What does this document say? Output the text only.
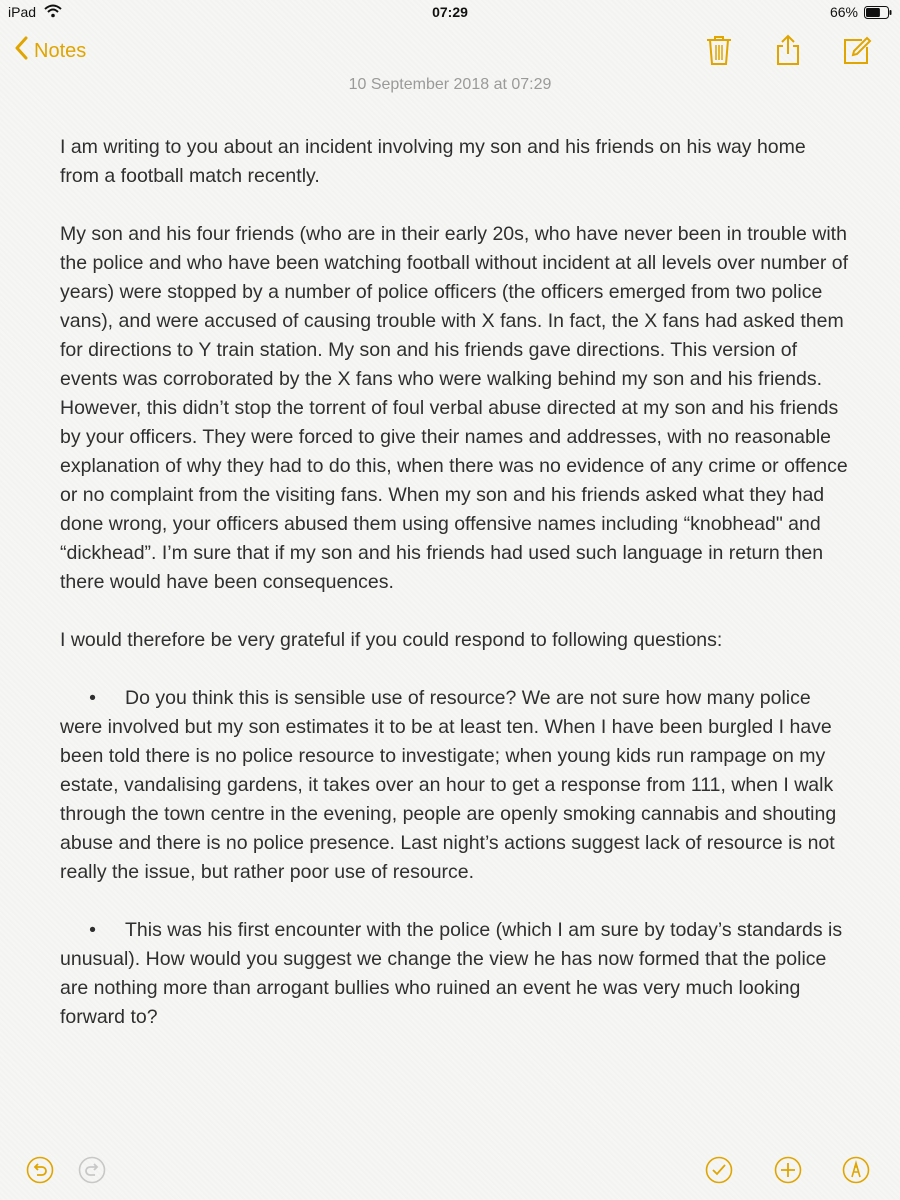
iPad	07:29	66%
Notes
10 September 2018 at 07:29

I am writing to you about an incident involving my son and his friends on his way home from a football match recently.

My son and his four friends (who are in their early 20s, who have never been in trouble with the police and who have been watching football without incident at all levels over number of years) were stopped by a number of police officers (the officers emerged from two police vans), and were accused of causing trouble with X fans. In fact, the X fans had asked them for directions to Y train station. My son and his friends gave directions. This version of events was corroborated by the X fans who were walking behind my son and his friends. However, this didn’t stop the torrent of foul verbal abuse directed at my son and his friends by your officers. They were forced to give their names and addresses, with no reasonable explanation of why they had to do this, when there was no evidence of any crime or offence or no complaint from the visiting fans. When my son and his friends asked what they had done wrong, your officers abused them using offensive names including “knobhead" and “dickhead”. I’m sure that if my son and his friends had used such language in return then there would have been consequences.

I would therefore be very grateful if you could respond to following questions:

• Do you think this is sensible use of resource? We are not sure how many police were involved but my son estimates it to be at least ten. When I have been burgled I have been told there is no police resource to investigate; when young kids run rampage on my estate, vandalising gardens, it takes over an hour to get a response from 111, when I walk through the town centre in the evening, people are openly smoking cannabis and shouting abuse and there is no police presence. Last night’s actions suggest lack of resource is not really the issue, but rather poor use of resource.

• This was his first encounter with the police (which I am sure by today’s standards is unusual). How would you suggest we change the view he has now formed that the police are nothing more than arrogant bullies who ruined an event he was very much looking forward to?
